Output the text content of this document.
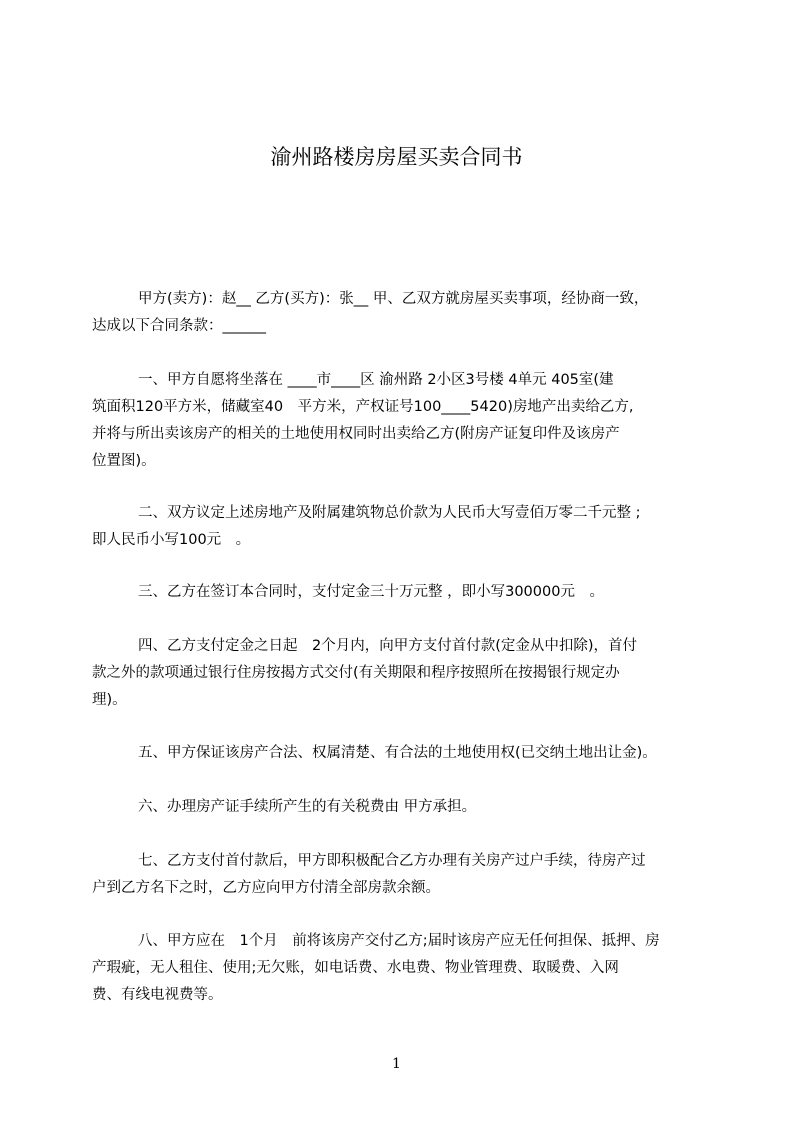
渝州路楼房房屋买卖合同书
甲方(卖方)：赵__ 乙方(买方)：张__ 甲、乙双方就房屋买卖事项，经协商一致，
达成以下合同条款：______
一、甲方自愿将坐落在 ____市____区 渝州路 2小区3号楼 4单元 405室(建
筑面积120平方米，储藏室40　平方米，产权证号100____5420)房地产出卖给乙方,
并将与所出卖该房产的相关的土地使用权同时出卖给乙方(附房产证复印件及该房产
位置图)。
二、双方议定上述房地产及附属建筑物总价款为人民币大写壹佰万零二千元整 ;
即人民币小写100元　。
三、乙方在签订本合同时，支付定金三十万元整 ，即小写300000元　。
四、乙方支付定金之日起　2个月内，向甲方支付首付款(定金从中扣除)，首付
款之外的款项通过银行住房按揭方式交付(有关期限和程序按照所在按揭银行规定办
理)。
五、甲方保证该房产合法、权属清楚、有合法的土地使用权(已交纳土地出让金)。
六、办理房产证手续所产生的有关税费由 甲方承担。
七、乙方支付首付款后，甲方即积极配合乙方办理有关房产过户手续，待房产过
户到乙方名下之时，乙方应向甲方付清全部房款余额。
八、甲方应在　1个月　前将该房产交付乙方;届时该房产应无任何担保、抵押、房
产瑕疵，无人租住、使用;无欠账，如电话费、水电费、物业管理费、取暖费、入网
费、有线电视费等。
1
